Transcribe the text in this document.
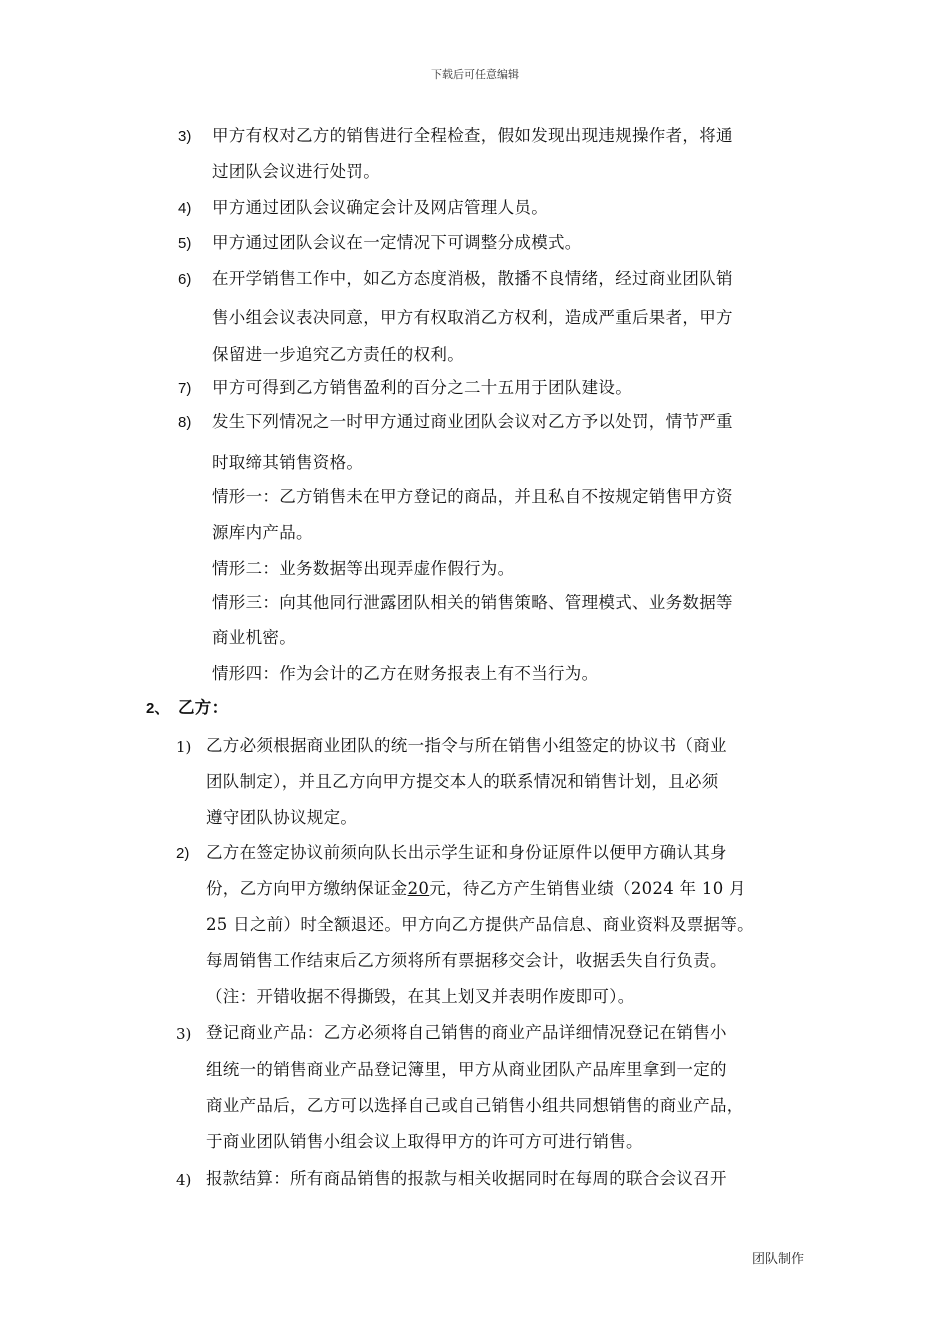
下载后可任意编辑
3) 甲方有权对乙方的销售进行全程检查，假如发现出现违规操作者，将通
过团队会议进行处罚。
4) 甲方通过团队会议确定会计及网店管理人员。
5) 甲方通过团队会议在一定情况下可调整分成模式。
6) 在开学销售工作中，如乙方态度消极，散播不良情绪，经过商业团队销
售小组会议表决同意，甲方有权取消乙方权利，造成严重后果者，甲方
保留进一步追究乙方责任的权利。
7) 甲方可得到乙方销售盈利的百分之二十五用于团队建设。
8) 发生下列情况之一时甲方通过商业团队会议对乙方予以处罚，情节严重
时取缔其销售资格。
情形一：乙方销售未在甲方登记的商品，并且私自不按规定销售甲方资
源库内产品。
情形二：业务数据等出现弄虚作假行为。
情形三：向其他同行泄露团队相关的销售策略、管理模式、业务数据等
商业机密。
情形四：作为会计的乙方在财务报表上有不当行为。
2、 乙方：
1) 乙方必须根据商业团队的统一指令与所在销售小组签定的协议书（商业
团队制定），并且乙方向甲方提交本人的联系情况和销售计划，且必须
遵守团队协议规定。
2) 乙方在签定协议前须向队长出示学生证和身份证原件以便甲方确认其身
份，乙方向甲方缴纳保证金20元，待乙方产生销售业绩（2024 年 10 月
25 日之前）时全额退还。甲方向乙方提供产品信息、商业资料及票据等。
每周销售工作结束后乙方须将所有票据移交会计，收据丢失自行负责。
（注：开错收据不得撕毁，在其上划叉并表明作废即可）。
3) 登记商业产品：乙方必须将自己销售的商业产品详细情况登记在销售小
组统一的销售商业产品登记簿里，甲方从商业团队产品库里拿到一定的
商业产品后，乙方可以选择自己或自己销售小组共同想销售的商业产品，
于商业团队销售小组会议上取得甲方的许可方可进行销售。
4) 报款结算：所有商品销售的报款与相关收据同时在每周的联合会议召开
团队制作
